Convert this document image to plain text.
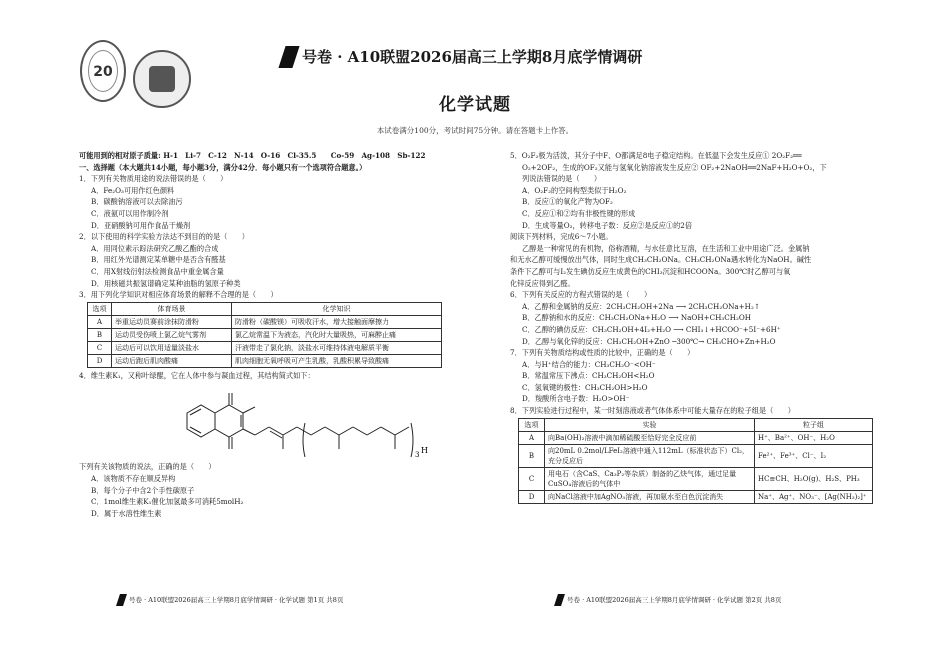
20
号卷 · A10联盟2026届高三上学期8月底学情调研
化学试题
本试卷满分100分，考试时间75分钟。请在答题卡上作答。
可能用到的相对原子质量: H-1　Li-7　C-12　N-14　O-16　Cl-35.5　　Co-59　Ag-108　Sb-122
一、选择题（本大题共14小题，每小题3分，满分42分．每小题只有一个选项符合题意。）
1．下列有关物质用途的说法错误的是（　　）
A．Fe₂O₃可用作红色颜料
B．碳酸钠溶液可以去除油污
C．液氨可以用作制冷剂
D．亚硝酸钠可用作食品干燥剂
2．以下使用的科学实验方法达不到目的的是（　　）
A．用同位素示踪法研究乙酸乙酯的合成
B．用红外光谱测定某单糖中是否含有醛基
C．用X射线衍射法检测食品中重金属含量
D．用核磁共振氢谱确定某种油脂的氢原子种类
3．用下列化学知识对相应体育场景的解释不合理的是（　　）
选项	体育场景	化学知识
A	举重运动员赛前涂抹防滑粉	防滑粉（碳酸镁）可吸收汗水，增大接触面摩擦力
B	运动员受伤喷上氯乙烷气雾剂	氯乙烷常温下为液态，汽化时大量吸热，可麻醉止痛
C	运动后可以饮用适量淡盐水	汗液带走了氯化钠，淡盐水可维持体液电解质平衡
D	运动后跑后肌肉酸痛	肌肉细胞无氧呼吸可产生乳酸，乳酸积累导致酸痛
4．维生素K₁，又称叶绿醌，它在人体中参与凝血过程，其结构简式如下：
3 H
下列有关该物质的说法，正确的是（　　）
A．该物质不存在顺反异构
B．每个分子中含2个手性碳原子
C．1mol维生素K₁催化加氢最多可消耗5molH₂
D．属于水溶性维生素
5．O₂F₂极为活泼，其分子中F、O都满足8电子稳定结构。在低温下会发生反应① 2O₂F₂══
O₂+2OF₂，生成的OF₂又能与氢氧化钠溶液发生反应② OF₂+2NaOH══2NaF+H₂O+O₂，下
列说法错误的是（　　）
A．O₂F₂的空间构型类似于H₂O₂
B．反应①的氧化产物为OF₂
C．反应①和②均有非极性键的形成
D．生成等量O₂，转移电子数：反应②是反应①的2倍
阅读下列材料，完成6～7小题。
乙醇是一种常见的有机物，俗称酒精，与水任意比互溶，在生活和工业中用途广泛。金属钠
和无水乙醇可缓慢放出气体，同时生成CH₃CH₂ONa。CH₃CH₂ONa遇水转化为NaOH。碱性
条件下乙醇可与I₂发生碘仿反应生成黄色的CHI₃沉淀和HCOONa。300℃时乙醇可与氧
化锌反应得到乙醛。
6．下列有关反应的方程式错误的是（　　）
A．乙醇和金属钠的反应：2CH₃CH₂OH+2Na ⟶ 2CH₃CH₂ONa+H₂↑
B．乙醇钠和水的反应：CH₃CH₂ONa+H₂O ⟶ NaOH+CH₃CH₂OH
C．乙醇的碘仿反应：CH₃CH₂OH+4I₂+H₂O ⟶ CHI₃↓+HCOO⁻+5I⁻+6H⁺
D．乙醇与氧化锌的反应：CH₃CH₂OH+ZnO ─300℃→ CH₃CHO+Zn+H₂O
7．下列有关物质结构或性质的比较中，正确的是（　　）
A．与H⁺结合的能力：CH₃CH₂O⁻<OH⁻
B．常温常压下沸点：CH₃CH₂OH<H₂O
C．氢氧键的极性：CH₃CH₂OH>H₂O
D．羧酸所含电子数：H₂O>OH⁻
8．下列实验进行过程中，某一时刻溶液或者气体体系中可能大量存在的粒子组是（　　）
选项	实验	粒子组
A	向Ba(OH)₂溶液中滴加稀硫酸至恰好完全反应前	H⁺、Ba²⁺、OH⁻、H₂O
B	向20mL 0.2mol/LFeI₂溶液中通入112mL（标准状态下）Cl₂，充分反应后	Fe²⁺、Fe³⁺、Cl⁻、I₂
C	用电石（含CaS、Ca₃P₂等杂质）制备的乙炔气体，通过足量CuSO₄溶液后的气体中	HC≡CH、H₂O(g)、H₂S、PH₃
D	向NaCl溶液中加AgNO₃溶液，再加氨水至白色沉淀消失	Na⁺、Ag⁺、NO₃⁻、[Ag(NH₃)₂]⁺
号卷 · A10联盟2026届高三上学期8月底学情调研 · 化学试题 第1页 共8页	号卷 · A10联盟2026届高三上学期8月底学情调研 · 化学试题 第2页 共8页
